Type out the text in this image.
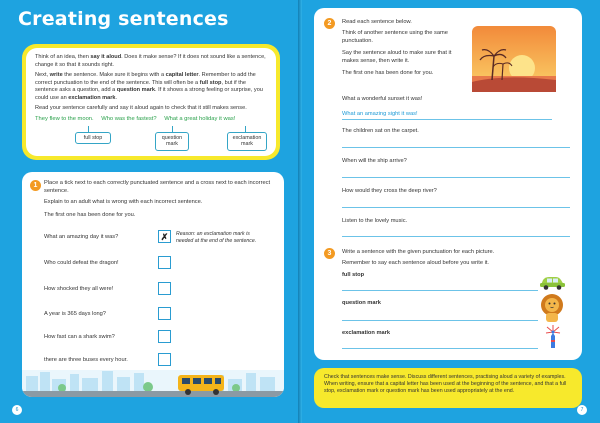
Creating sentences

Think of an idea, then say it aloud. Does it make sense? If it does not sound like a sentence, change it so that it sounds right.

Next, write the sentence. Make sure it begins with a capital letter. Remember to add the correct punctuation to the end of the sentence. This will often be a full stop, but if the sentence asks a question, add a question mark. If it shows a strong feeling or surprise, you could use an exclamation mark.

Read your sentence carefully and say it aloud again to check that it still makes sense.

They flew to the moon. Who was the fastest? What a great holiday it was!
full stop	question mark
exclamation mark
1	Place a tick next to each correctly punctuated sentence and a cross next to each incorrect sentence.
Explain to an adult what is wrong with each incorrect sentence.
The first one has been done for you.
What an amazing day it was?	✗	Reason: an exclamation mark is needed at the end of the sentence.
Who could defeat the dragon!
How shocked they all were!
A year is 365 days long?
How fast can a shark swim?
there are three buses every hour.
6
2	Read each sentence below.
Think of another sentence using the same punctuation.
Say the sentence aloud to make sure that it makes sense, then write it.
The first one has been done for you.
What a wonderful sunset it was!
What an amazing sight it was!
The children sat on the carpet.
When will the ship arrive?
How would they cross the deep river?
Listen to the lovely music.
3	Write a sentence with the given punctuation for each picture.
Remember to say each sentence aloud before you write it.
full stop
question mark
exclamation mark
Check that sentences make sense. Discuss different sentences, practising aloud a variety of examples. When writing, ensure that a capital letter has been used at the beginning of the sentence, and that a full stop, exclamation mark or question mark has been used appropriately at the end.
7
